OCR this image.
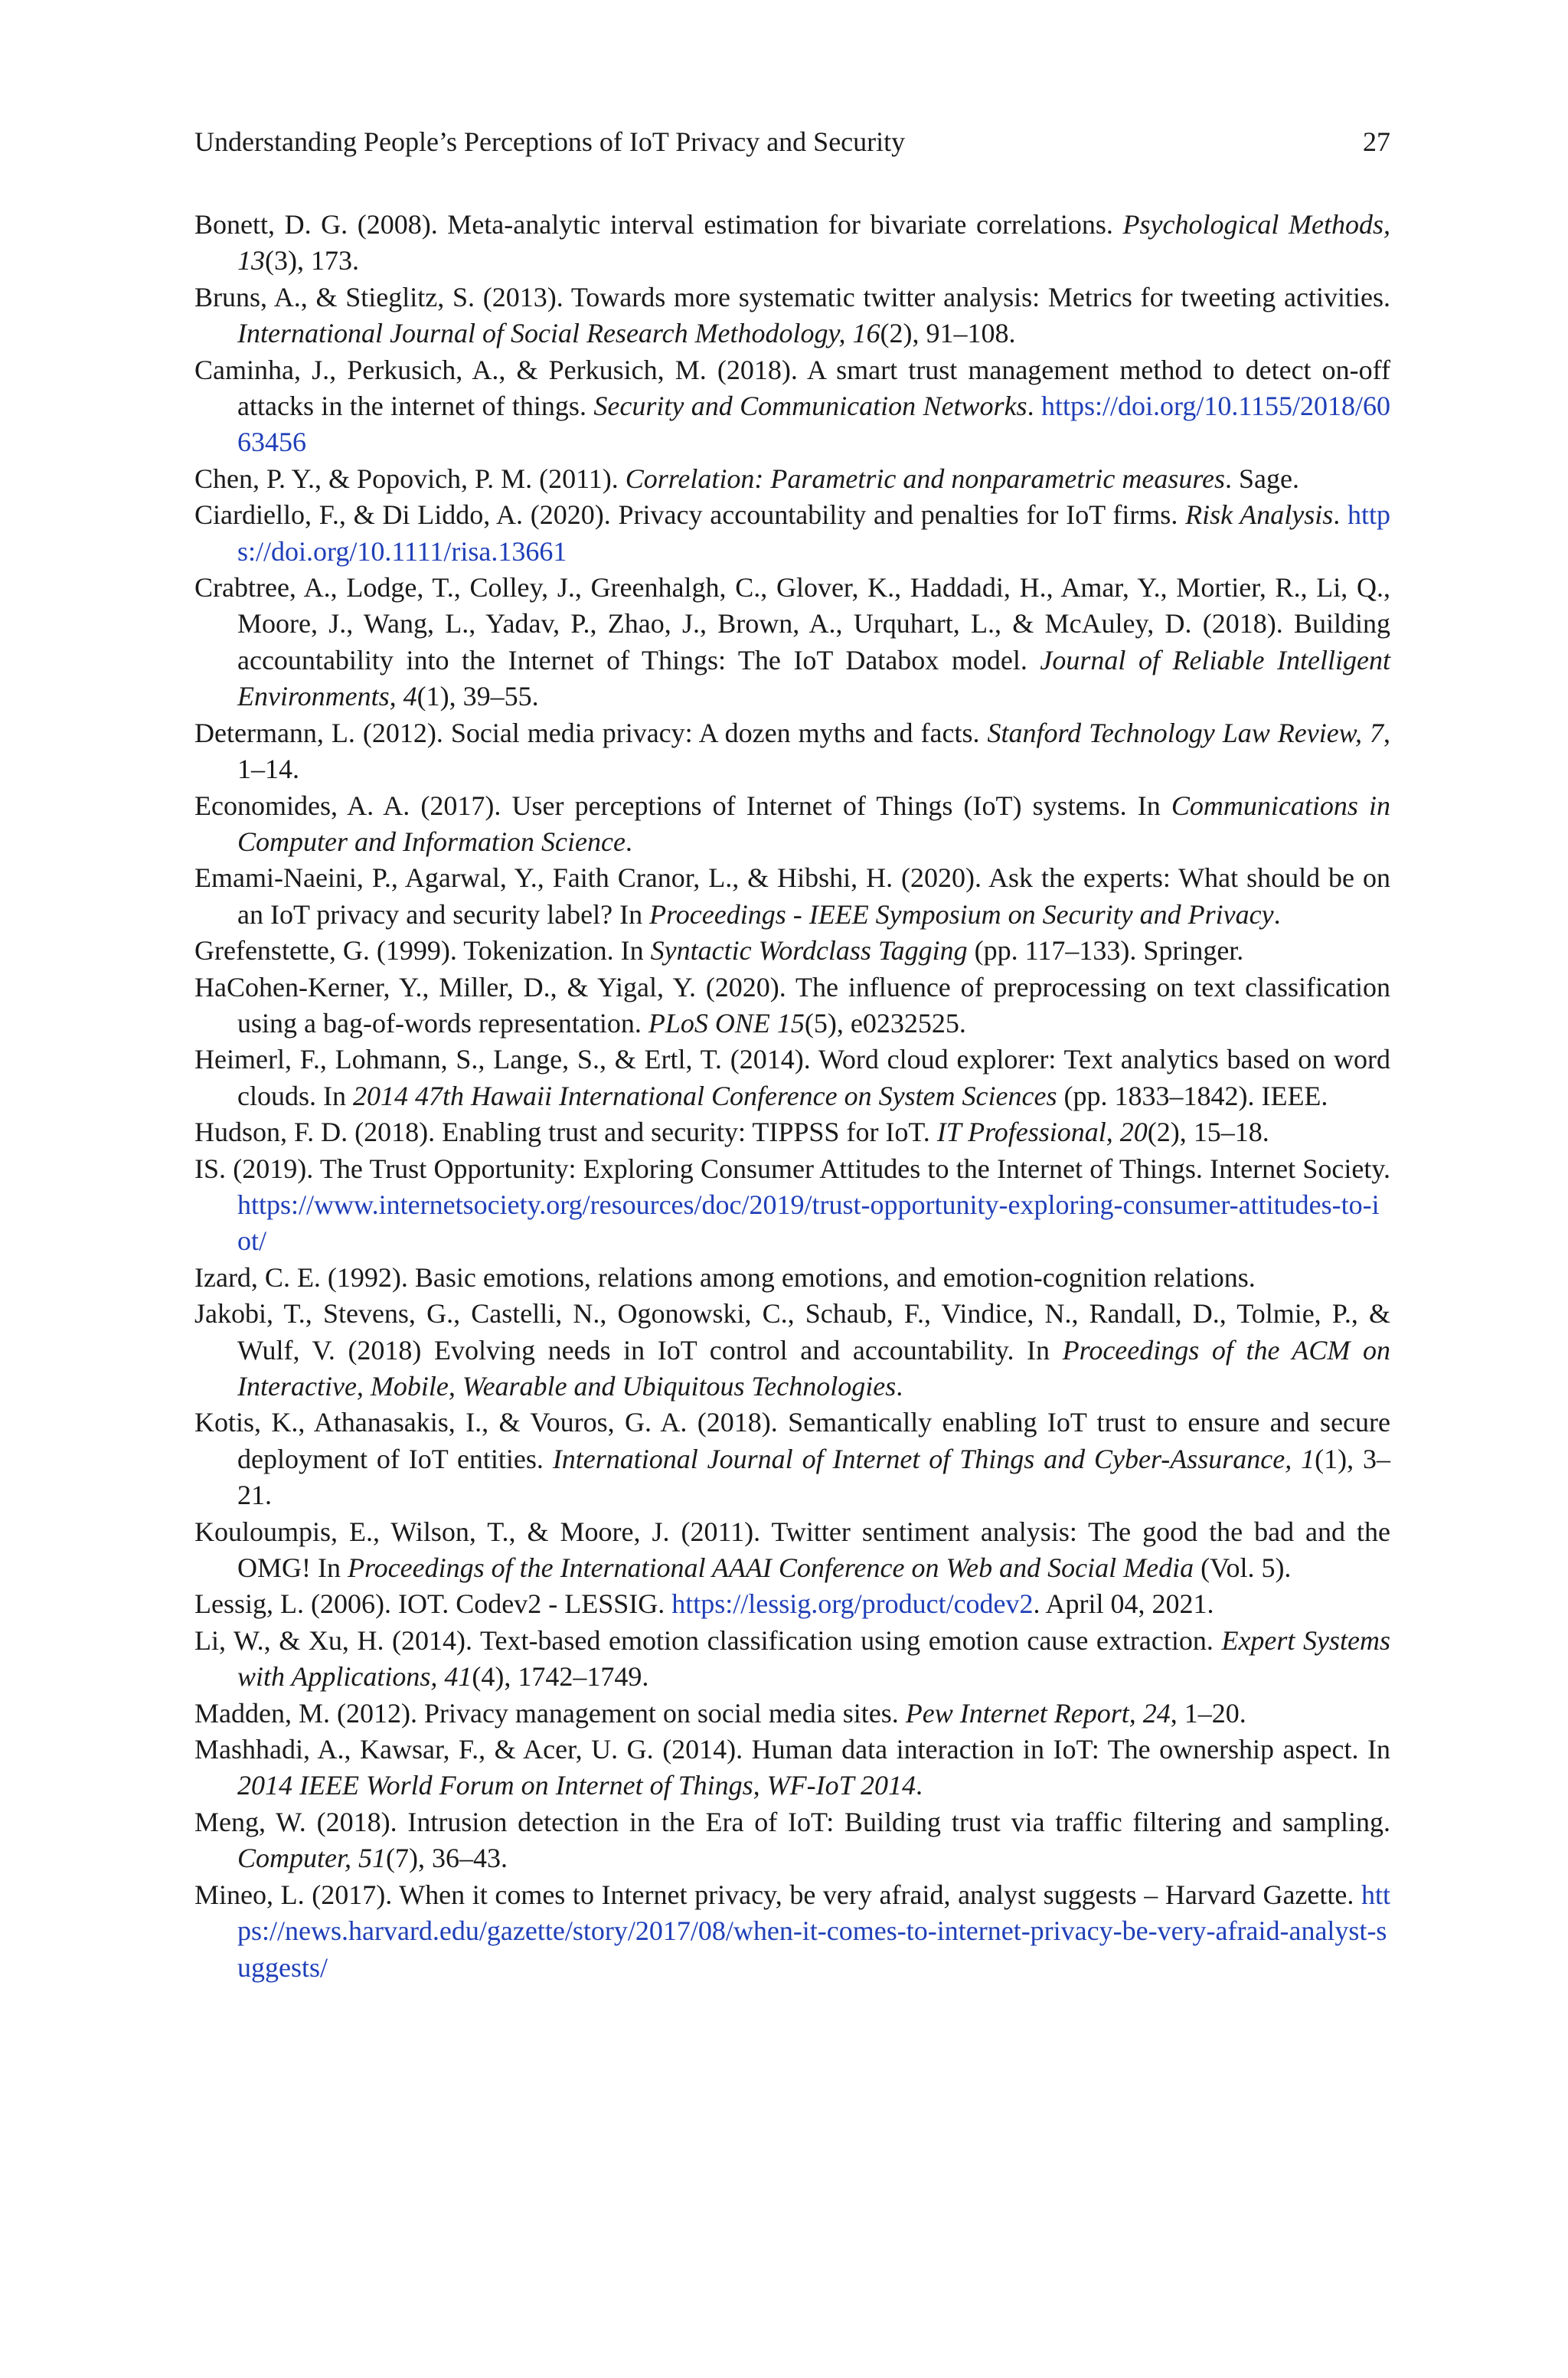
Understanding People’s Perceptions of IoT Privacy and Security	27
Bonett, D. G. (2008). Meta-analytic interval estimation for bivariate correlations. Psychological Methods, 13(3), 173.
Bruns, A., & Stieglitz, S. (2013). Towards more systematic twitter analysis: Metrics for tweeting activities. International Journal of Social Research Methodology, 16(2), 91–108.
Caminha, J., Perkusich, A., & Perkusich, M. (2018). A smart trust management method to detect on-off attacks in the internet of things. Security and Communication Networks. https://doi.org/10.1155/2018/6063456
Chen, P. Y., & Popovich, P. M. (2011). Correlation: Parametric and nonparametric measures. Sage.
Ciardiello, F., & Di Liddo, A. (2020). Privacy accountability and penalties for IoT firms. Risk Analysis. https://doi.org/10.1111/risa.13661
Crabtree, A., Lodge, T., Colley, J., Greenhalgh, C., Glover, K., Haddadi, H., Amar, Y., Mortier, R., Li, Q., Moore, J., Wang, L., Yadav, P., Zhao, J., Brown, A., Urquhart, L., & McAuley, D. (2018). Building accountability into the Internet of Things: The IoT Databox model. Journal of Reliable Intelligent Environments, 4(1), 39–55.
Determann, L. (2012). Social media privacy: A dozen myths and facts. Stanford Technology Law Review, 7, 1–14.
Economides, A. A. (2017). User perceptions of Internet of Things (IoT) systems. In Communications in Computer and Information Science.
Emami-Naeini, P., Agarwal, Y., Faith Cranor, L., & Hibshi, H. (2020). Ask the experts: What should be on an IoT privacy and security label? In Proceedings - IEEE Symposium on Security and Privacy.
Grefenstette, G. (1999). Tokenization. In Syntactic Wordclass Tagging (pp. 117–133). Springer.
HaCohen-Kerner, Y., Miller, D., & Yigal, Y. (2020). The influence of preprocessing on text classification using a bag-of-words representation. PLoS ONE 15(5), e0232525.
Heimerl, F., Lohmann, S., Lange, S., & Ertl, T. (2014). Word cloud explorer: Text analytics based on word clouds. In 2014 47th Hawaii International Conference on System Sciences (pp. 1833–1842). IEEE.
Hudson, F. D. (2018). Enabling trust and security: TIPPSS for IoT. IT Professional, 20(2), 15–18.
IS. (2019). The Trust Opportunity: Exploring Consumer Attitudes to the Internet of Things. Internet Society. https://www.internetsociety.org/resources/doc/2019/trust-opportunity-exploring-consumer-attitudes-to-iot/
Izard, C. E. (1992). Basic emotions, relations among emotions, and emotion-cognition relations.
Jakobi, T., Stevens, G., Castelli, N., Ogonowski, C., Schaub, F., Vindice, N., Randall, D., Tolmie, P., & Wulf, V. (2018) Evolving needs in IoT control and accountability. In Proceedings of the ACM on Interactive, Mobile, Wearable and Ubiquitous Technologies.
Kotis, K., Athanasakis, I., & Vouros, G. A. (2018). Semantically enabling IoT trust to ensure and secure deployment of IoT entities. International Journal of Internet of Things and Cyber-Assurance, 1(1), 3–21.
Kouloumpis, E., Wilson, T., & Moore, J. (2011). Twitter sentiment analysis: The good the bad and the OMG! In Proceedings of the International AAAI Conference on Web and Social Media (Vol. 5).
Lessig, L. (2006). IOT. Codev2 - LESSIG. https://lessig.org/product/codev2. April 04, 2021.
Li, W., & Xu, H. (2014). Text-based emotion classification using emotion cause extraction. Expert Systems with Applications, 41(4), 1742–1749.
Madden, M. (2012). Privacy management on social media sites. Pew Internet Report, 24, 1–20.
Mashhadi, A., Kawsar, F., & Acer, U. G. (2014). Human data interaction in IoT: The ownership aspect. In 2014 IEEE World Forum on Internet of Things, WF-IoT 2014.
Meng, W. (2018). Intrusion detection in the Era of IoT: Building trust via traffic filtering and sampling. Computer, 51(7), 36–43.
Mineo, L. (2017). When it comes to Internet privacy, be very afraid, analyst suggests – Harvard Gazette. https://news.harvard.edu/gazette/story/2017/08/when-it-comes-to-internet-privacy-be-very-afraid-analyst-suggests/
